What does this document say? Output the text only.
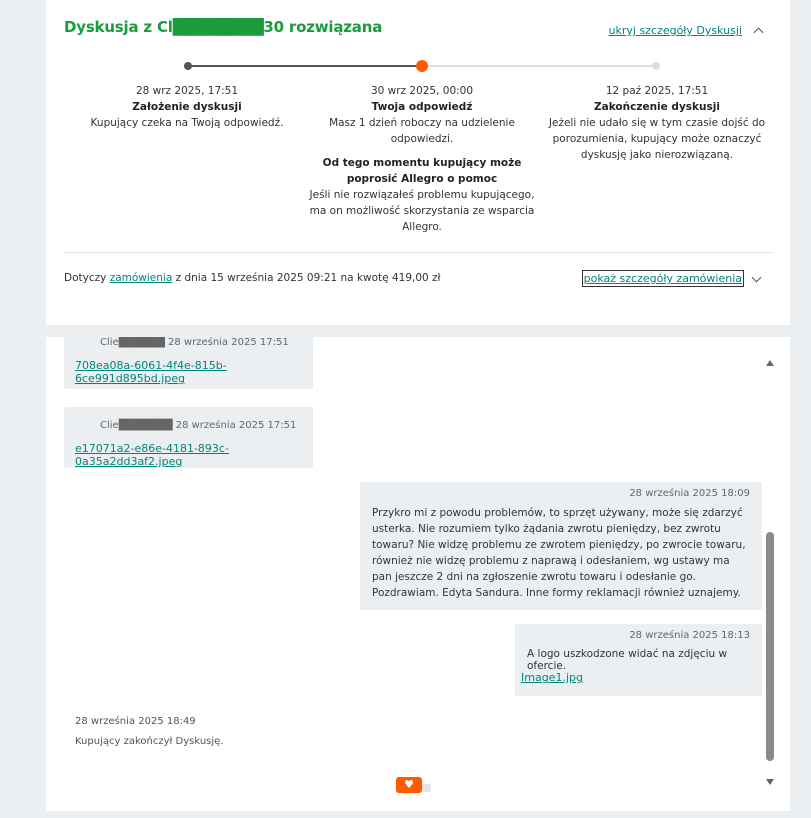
Dyskusja z Cl████████30 rozwiązana	ukryj szczegóły Dyskusji
28 wrz 2025, 17:51
Założenie dyskusji
Kupujący czeka na Twoją odpowiedź.
30 wrz 2025, 00:00
Twoja odpowiedź
Masz 1 dzień roboczy na udzielenie odpowiedzi.
Od tego momentu kupujący może poprosić Allegro o pomoc
Jeśli nie rozwiązałeś problemu kupującego, ma on możliwość skorzystania ze wsparcia Allegro.
12 paź 2025, 17:51
Zakończenie dyskusji
Jeżeli nie udało się w tym czasie dojść do porozumienia, kupujący może oznaczyć dyskusję jako nierozwiązaną.
Dotyczy zamówienia z dnia 15 września 2025 09:21 na kwotę 419,00 zł	pokaż szczegóły zamówienia
Clie██████ 28 września 2025 17:51
708ea08a-6061-4f4e-815b-6ce991d895bd.jpeg
Clie███████ 28 września 2025 17:51
e17071a2-e86e-4181-893c-0a35a2dd3af2.jpeg
28 września 2025 18:09
Przykro mi z powodu problemów, to sprzęt używany, może się zdarzyć usterka. Nie rozumiem tylko żądania zwrotu pieniędzy, bez zwrotu towaru? Nie widzę problemu ze zwrotem pieniędzy, po zwrocie towaru, również nie widzę problemu z naprawą i odesłaniem, wg ustawy ma pan jeszcze 2 dni na zgłoszenie zwrotu towaru i odesłanie go. Pozdrawiam. Edyta Sandura. Inne formy reklamacji również uznajemy.
28 września 2025 18:13
A logo uszkodzone widać na zdjęciu w ofercie.
Image1.jpg
28 września 2025 18:49
Kupujący zakończył Dyskusję.
♥
